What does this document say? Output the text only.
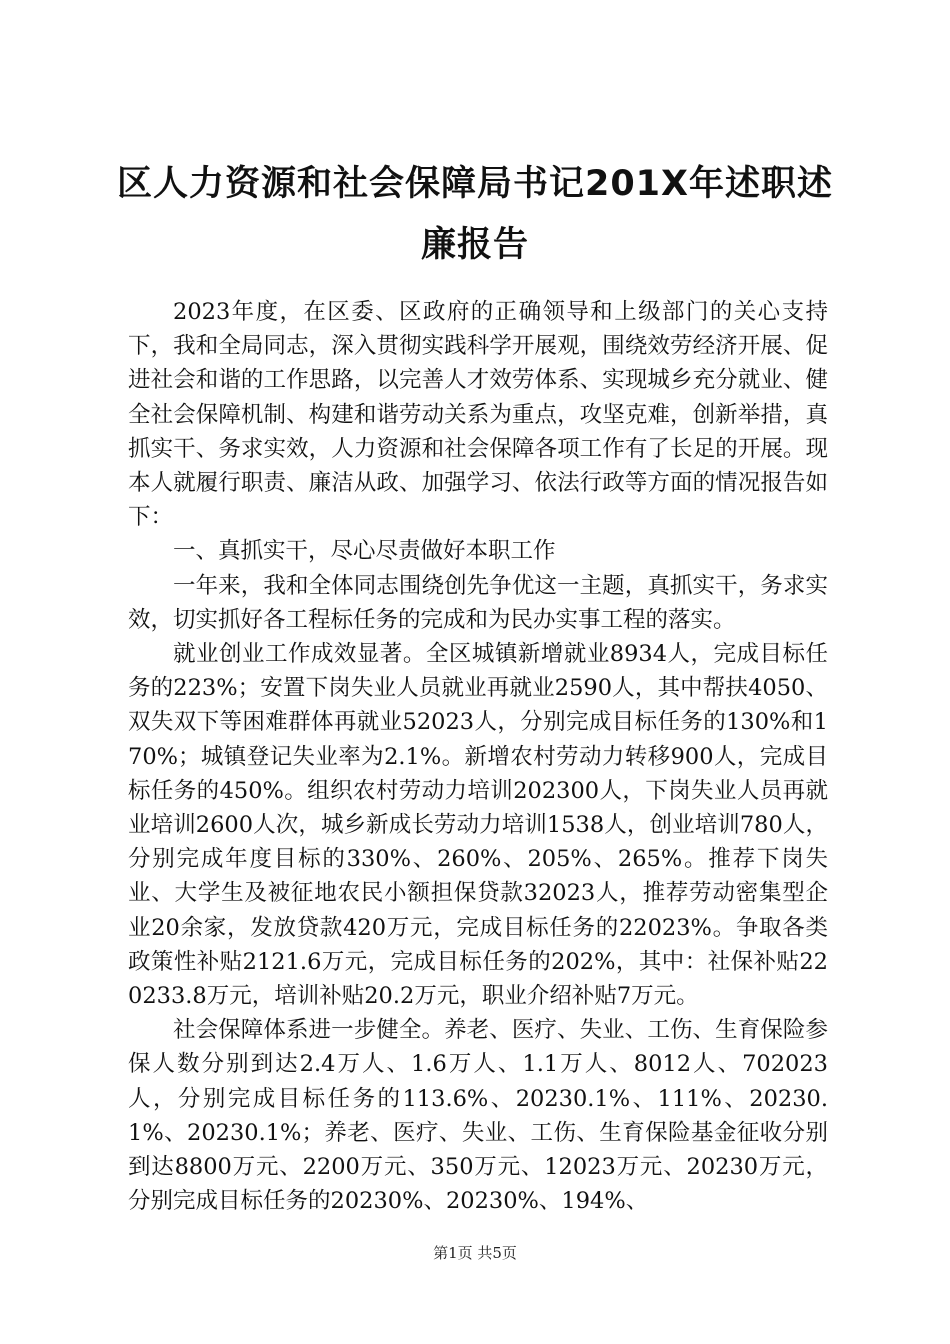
区人力资源和社会保障局书记201X年述职述
廉报告

2023年度，在区委、区政府的正确领导和上级部门的关心支持下，我和全局同志，深入贯彻实践科学开展观，围绕效劳经济开展、促进社会和谐的工作思路，以完善人才效劳体系、实现城乡充分就业、健全社会保障机制、构建和谐劳动关系为重点，攻坚克难，创新举措，真抓实干、务求实效，人力资源和社会保障各项工作有了长足的开展。现本人就履行职责、廉洁从政、加强学习、依法行政等方面的情况报告如下：

一、真抓实干，尽心尽责做好本职工作

一年来，我和全体同志围绕创先争优这一主题，真抓实干，务求实效，切实抓好各工程标任务的完成和为民办实事工程的落实。

就业创业工作成效显著。全区城镇新增就业8934人，完成目标任务的223%；安置下岗失业人员就业再就业2590人，其中帮扶4050、双失双下等困难群体再就业52023人，分别完成目标任务的130%和170%；城镇登记失业率为2.1%。新增农村劳动力转移900人，完成目标任务的450%。组织农村劳动力培训202300人，下岗失业人员再就业培训2600人次，城乡新成长劳动力培训1538人，创业培训780人，分别完成年度目标的330%、260%、205%、265%。推荐下岗失业、大学生及被征地农民小额担保贷款32023人，推荐劳动密集型企业20余家，发放贷款420万元，完成目标任务的22023%。争取各类政策性补贴2121.6万元，完成目标任务的202%，其中：社保补贴220233.8万元，培训补贴20.2万元，职业介绍补贴7万元。

社会保障体系进一步健全。养老、医疗、失业、工伤、生育保险参保人数分别到达2.4万人、1.6万人、1.1万人、8012人、702023人，分别完成目标任务的113.6%、20230.1%、111%、20230.1%、20230.1%；养老、医疗、失业、工伤、生育保险基金征收分别到达8800万元、2200万元、350万元、12023万元、20230万元，分别完成目标任务的20230%、20230%、194%、

第1页 共5页
